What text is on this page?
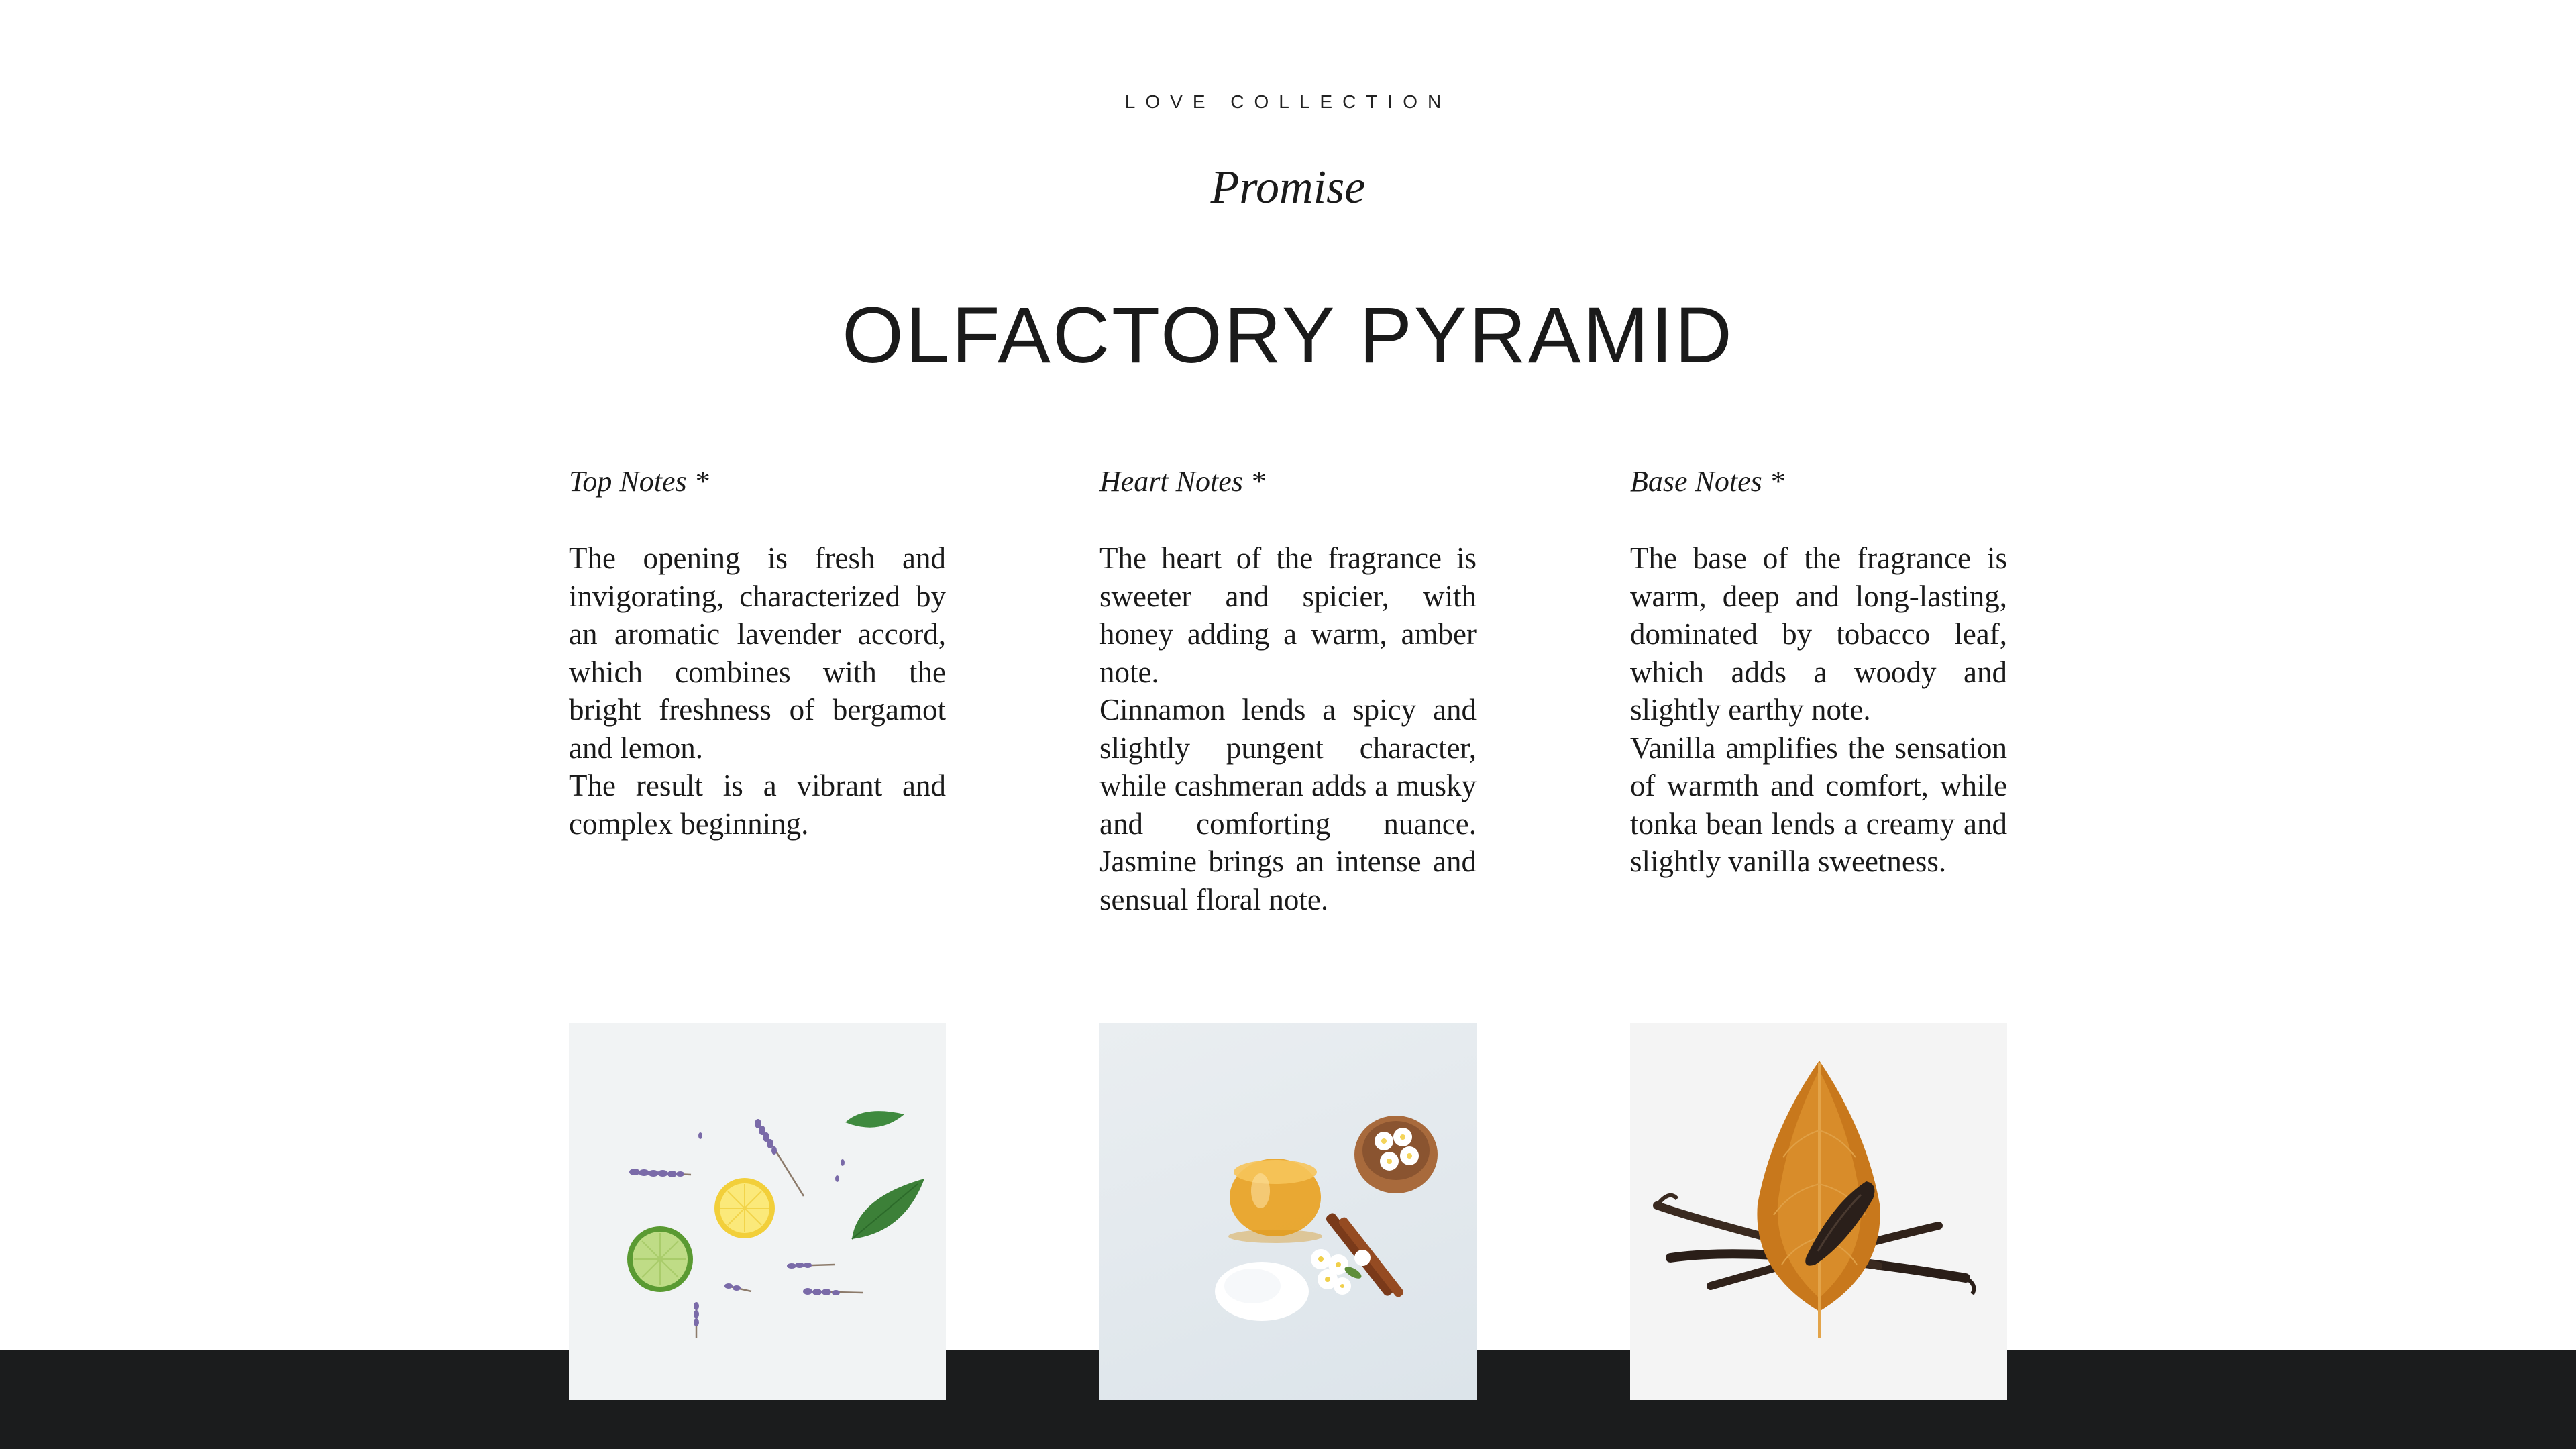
LOVE COLLECTION
Promise
OLFACTORY PYRAMID
Top Notes *

The opening is fresh and invigorating, characterized by an aromatic lavender accord, which combines with the bright freshness of bergamot and lemon.

The result is a vibrant and complex beginning.

Heart Notes *

The heart of the fragrance is sweeter and spicier, with honey adding a warm, amber note.

Cinnamon lends a spicy and slightly pungent character, while cashmeran adds a musky and comforting nuance. Jasmine brings an intense and sensual floral note.

Base Notes *

The base of the fragrance is warm, deep and long-lasting, dominated by tobacco leaf, which adds a woody and slightly earthy note.

Vanilla amplifies the sensation of warmth and comfort, while tonka bean lends a creamy and slightly vanilla sweetness.
